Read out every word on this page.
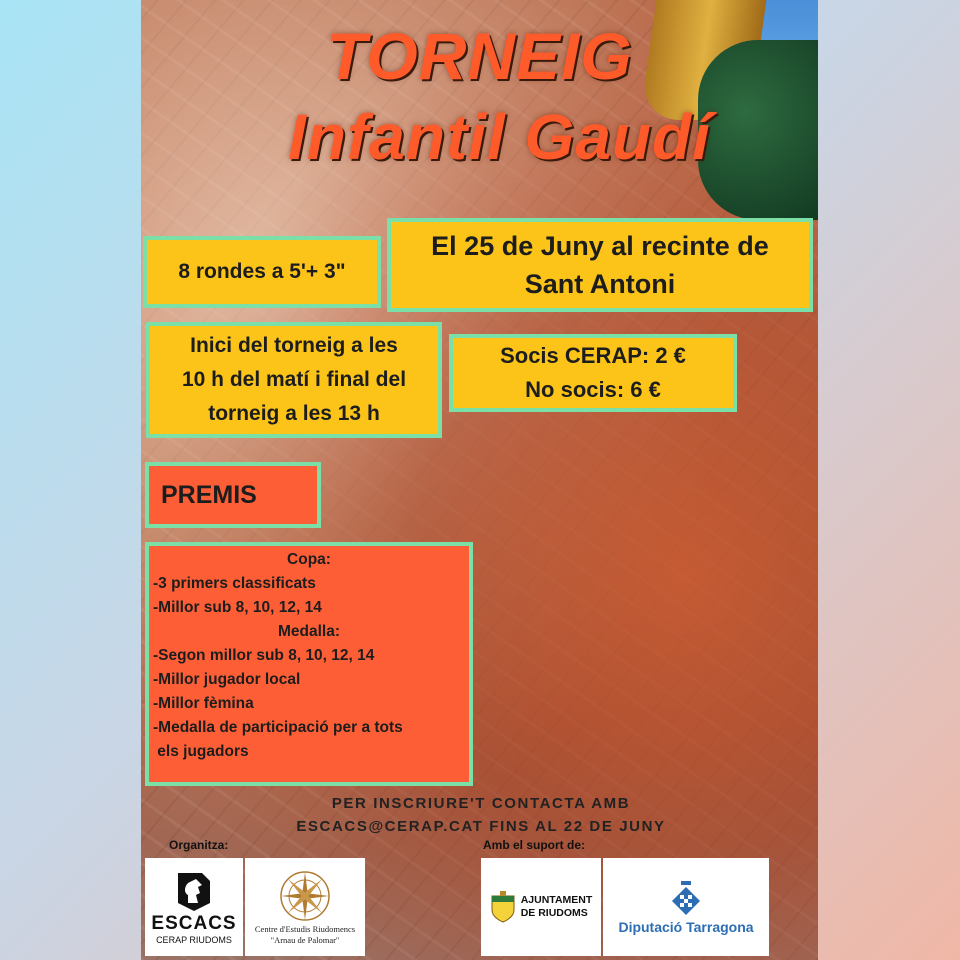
TORNEIG
Infantil Gaudí
8 rondes a 5'+ 3"
El 25 de Juny al recinte de
Sant Antoni
Inici del torneig a les
10 h del matí i final del
torneig a les 13 h
Socis CERAP: 2 €
No socis: 6 €
PREMIS
Copa:
-3 primers classificats
-Millor sub 8, 10, 12, 14
Medalla:
-Segon millor sub 8, 10, 12, 14
-Millor jugador local
-Millor fèmina
-Medalla de participació per a tots
els jugadors
PER INSCRIURE'T CONTACTA AMB
ESCACS@CERAP.CAT FINS AL 22 DE JUNY
Organitza:	Amb el suport de:
ESCACS
CERAP RIUDOMS
Centre d'Estudis Riudomencs
"Arnau de Palomar"
AJUNTAMENT
DE RIUDOMS
Diputació Tarragona
